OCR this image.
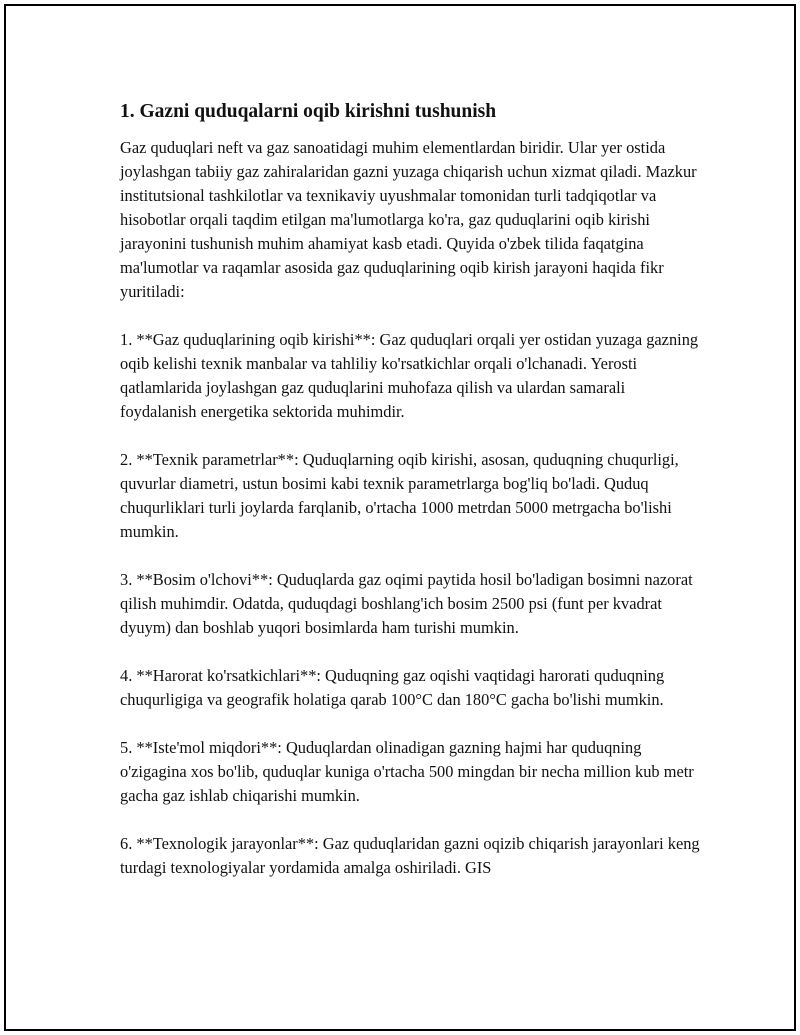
1. Gazni quduqalarni oqib kirishni tushunish

Gaz quduqlari neft va gaz sanoatidagi muhim elementlardan biridir. Ular yer ostida joylashgan tabiiy gaz zahiralaridan gazni yuzaga chiqarish uchun xizmat qiladi. Mazkur institutsional tashkilotlar va texnikaviy uyushmalar tomonidan turli tadqiqotlar va hisobotlar orqali taqdim etilgan ma'lumotlarga ko'ra, gaz quduqlarini oqib kirishi jarayonini tushunish muhim ahamiyat kasb etadi. Quyida o'zbek tilida faqatgina ma'lumotlar va raqamlar asosida gaz quduqlarining oqib kirish jarayoni haqida fikr yuritiladi:

1. **Gaz quduqlarining oqib kirishi**: Gaz quduqlari orqali yer ostidan yuzaga gazning oqib kelishi texnik manbalar va tahliliy ko'rsatkichlar orqali o'lchanadi. Yerosti qatlamlarida joylashgan gaz quduqlarini muhofaza qilish va ulardan samarali foydalanish energetika sektorida muhimdir.

2. **Texnik parametrlar**: Quduqlarning oqib kirishi, asosan, quduqning chuqurligi, quvurlar diametri, ustun bosimi kabi texnik parametrlarga bog'liq bo'ladi. Quduq chuqurliklari turli joylarda farqlanib, o'rtacha 1000 metrdan 5000 metrgacha bo'lishi mumkin.

3. **Bosim o'lchovi**: Quduqlarda gaz oqimi paytida hosil bo'ladigan bosimni nazorat qilish muhimdir. Odatda, quduqdagi boshlang'ich bosim 2500 psi (funt per kvadrat dyuym) dan boshlab yuqori bosimlarda ham turishi mumkin.

4. **Harorat ko'rsatkichlari**: Quduqning gaz oqishi vaqtidagi harorati quduqning chuqurligiga va geografik holatiga qarab 100°C dan 180°C gacha bo'lishi mumkin.

5. **Iste'mol miqdori**: Quduqlardan olinadigan gazning hajmi har quduqning o'zigagina xos bo'lib, quduqlar kuniga o'rtacha 500 mingdan bir necha million kub metr gacha gaz ishlab chiqarishi mumkin.

6. **Texnologik jarayonlar**: Gaz quduqlaridan gazni oqizib chiqarish jarayonlari keng turdagi texnologiyalar yordamida amalga oshiriladi. GIS
